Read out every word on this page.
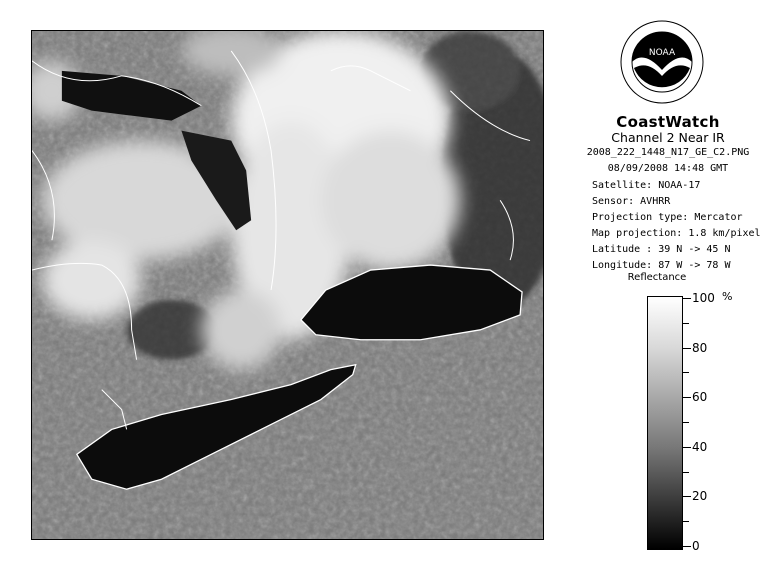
NOAA
CoastWatch
Channel 2 Near IR
2008_222_1448_N17_GE_C2.PNG
08/09/2008 14:48 GMT
Satellite: NOAA-17
Sensor: AVHRR
Projection type: Mercator
Map projection: 1.8 km/pixel
Latitude : 39 N -> 45 N
Longitude: 87 W -> 78 W
Reflectance
%
100
80
60
40
20
0
